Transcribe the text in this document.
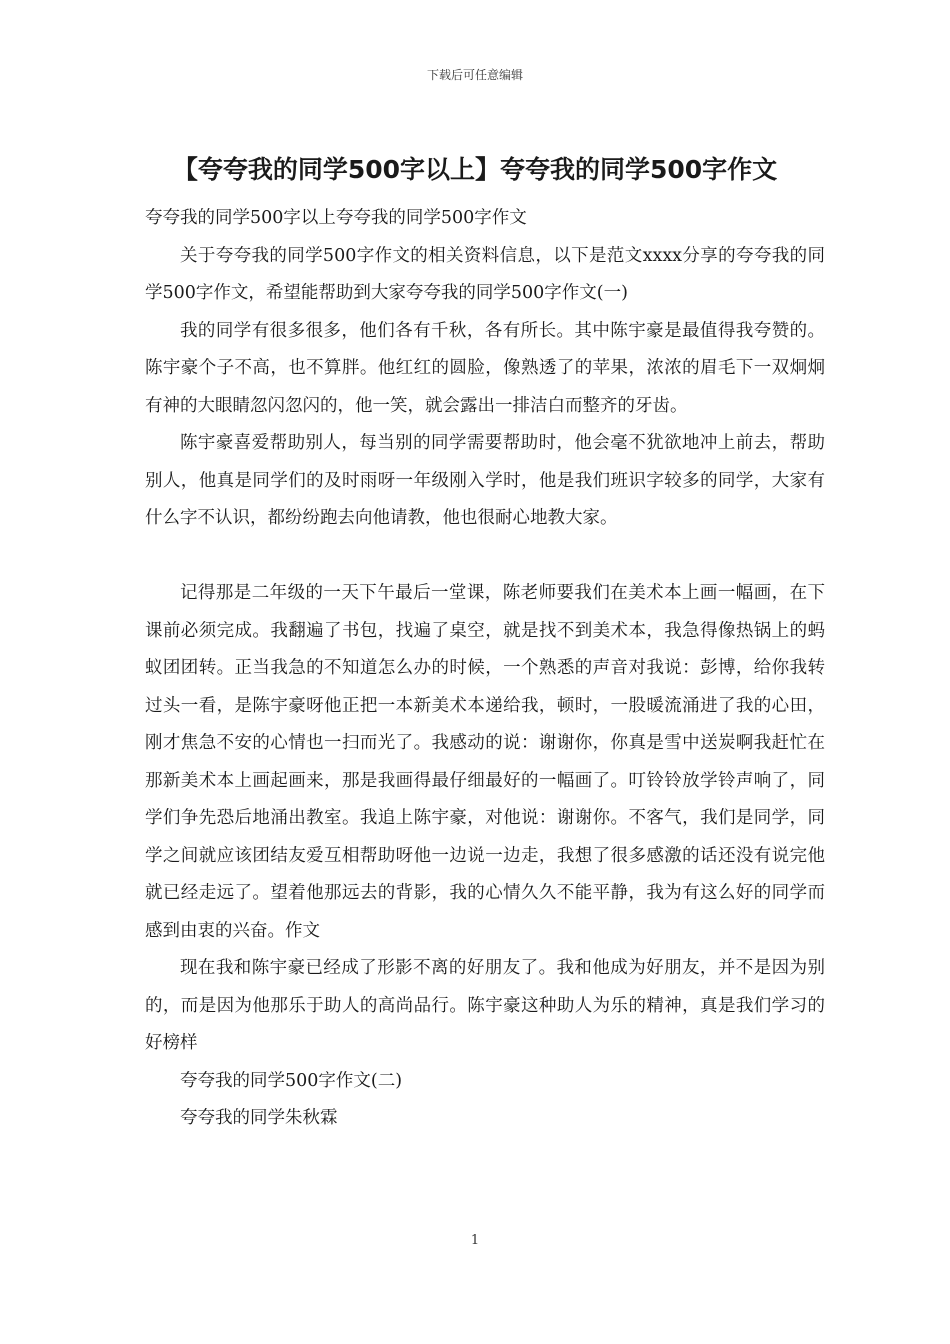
下载后可任意编辑
【夸夸我的同学500字以上】夸夸我的同学500字作文

夸夸我的同学500字以上夸夸我的同学500字作文

关于夸夸我的同学500字作文的相关资料信息，以下是范文xxxx分享的夸夸我的同学500字作文，希望能帮助到大家夸夸我的同学500字作文(一)

我的同学有很多很多，他们各有千秋，各有所长。其中陈宇豪是最值得我夸赞的。陈宇豪个子不高，也不算胖。他红红的圆脸，像熟透了的苹果，浓浓的眉毛下一双炯炯有神的大眼睛忽闪忽闪的，他一笑，就会露出一排洁白而整齐的牙齿。

陈宇豪喜爱帮助别人，每当别的同学需要帮助时，他会毫不犹欲地冲上前去，帮助别人，他真是同学们的及时雨呀一年级刚入学时，他是我们班识字较多的同学，大家有什么字不认识，都纷纷跑去向他请教，他也很耐心地教大家。

记得那是二年级的一天下午最后一堂课，陈老师要我们在美术本上画一幅画，在下课前必须完成。我翻遍了书包，找遍了桌空，就是找不到美术本，我急得像热锅上的蚂蚁团团转。正当我急的不知道怎么办的时候，一个熟悉的声音对我说：彭博，给你我转过头一看，是陈宇豪呀他正把一本新美术本递给我，顿时，一股暖流涌进了我的心田，刚才焦急不安的心情也一扫而光了。我感动的说：谢谢你，你真是雪中送炭啊我赶忙在那新美术本上画起画来，那是我画得最仔细最好的一幅画了。叮铃铃放学铃声响了，同学们争先恐后地涌出教室。我追上陈宇豪，对他说：谢谢你。不客气，我们是同学，同学之间就应该团结友爱互相帮助呀他一边说一边走，我想了很多感激的话还没有说完他就已经走远了。望着他那远去的背影，我的心情久久不能平静，我为有这么好的同学而感到由衷的兴奋。作文

现在我和陈宇豪已经成了形影不离的好朋友了。我和他成为好朋友，并不是因为别的，而是因为他那乐于助人的高尚品行。陈宇豪这种助人为乐的精神，真是我们学习的好榜样

夸夸我的同学500字作文(二)

夸夸我的同学朱秋霖

1
